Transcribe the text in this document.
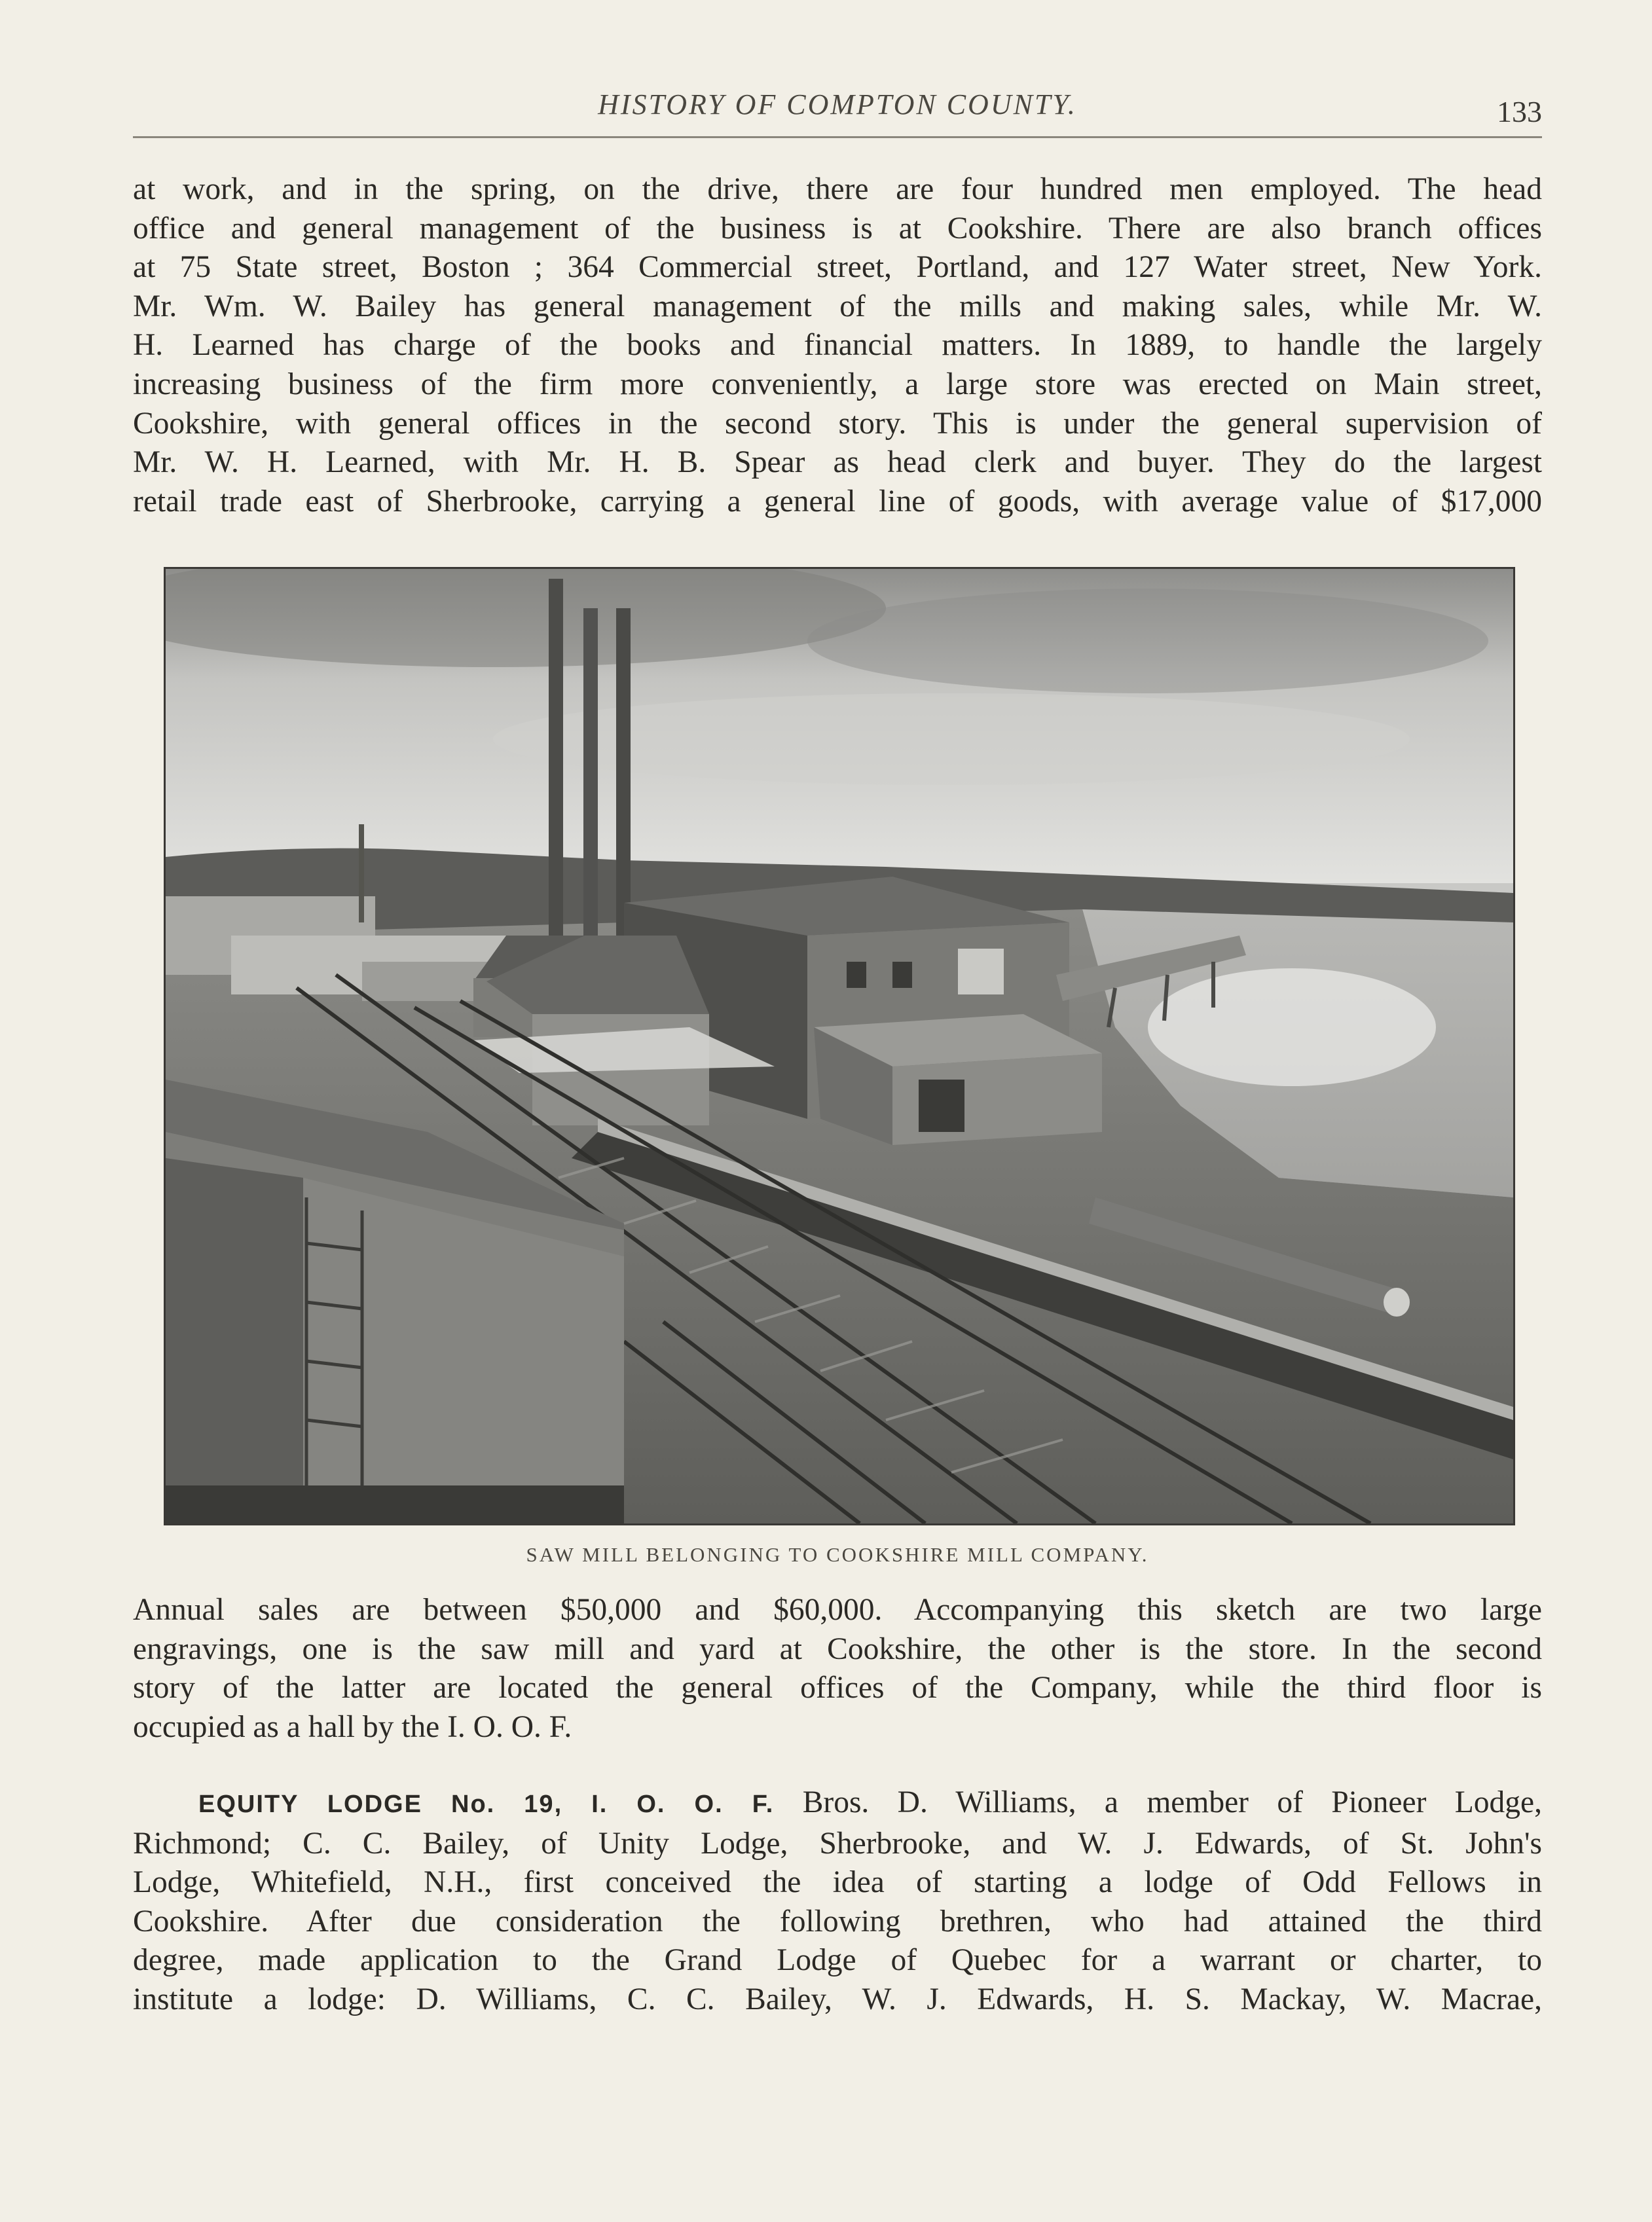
HISTORY OF COMPTON COUNTY.	133
at work, and in the spring, on the drive, there are four hundred men employed. The head
office and general management of the business is at Cookshire. There are also branch offices
at 75 State street, Boston ; 364 Commercial street, Portland, and 127 Water street, New York.
Mr. Wm. W. Bailey has general management of the mills and making sales, while Mr. W.
H. Learned has charge of the books and financial matters. In 1889, to handle the largely
increasing business of the firm more conveniently, a large store was erected on Main street,
Cookshire, with general offices in the second story. This is under the general supervision of
Mr. W. H. Learned, with Mr. H. B. Spear as head clerk and buyer. They do the largest
retail trade east of Sherbrooke, carrying a general line of goods, with average value of $17,000
SAW MILL BELONGING TO COOKSHIRE MILL COMPANY.
Annual sales are between $50,000 and $60,000. Accompanying this sketch are two large
engravings, one is the saw mill and yard at Cookshire, the other is the store. In the second
story of the latter are located the general offices of the Company, while the third floor is
occupied as a hall by the I. O. O. F.
EQUITY LODGE No. 19, I. O. O. F. Bros. D. Williams, a member of Pioneer Lodge,
Richmond; C. C. Bailey, of Unity Lodge, Sherbrooke, and W. J. Edwards, of St. John's
Lodge, Whitefield, N.H., first conceived the idea of starting a lodge of Odd Fellows in
Cookshire. After due consideration the following brethren, who had attained the third
degree, made application to the Grand Lodge of Quebec for a warrant or charter, to
institute a lodge: D. Williams, C. C. Bailey, W. J. Edwards, H. S. Mackay, W. Macrae,
